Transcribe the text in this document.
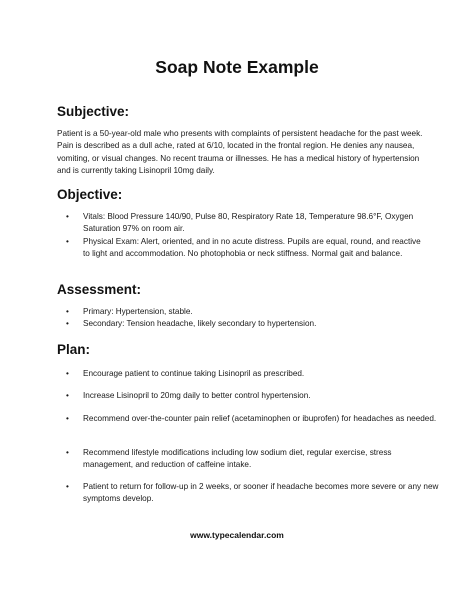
Soap Note Example
Subjective:
Patient is a 50-year-old male who presents with complaints of persistent headache for the past week. Pain is described as a dull ache, rated at 6/10, located in the frontal region. He denies any nausea, vomiting, or visual changes. No recent trauma or illnesses. He has a medical history of hypertension and is currently taking Lisinopril 10mg daily.
Objective:
• Vitals: Blood Pressure 140/90, Pulse 80, Respiratory Rate 18, Temperature 98.6°F, Oxygen Saturation 97% on room air.
• Physical Exam: Alert, oriented, and in no acute distress. Pupils are equal, round, and reactive to light and accommodation. No photophobia or neck stiffness. Normal gait and balance.
Assessment:
• Primary: Hypertension, stable.
• Secondary: Tension headache, likely secondary to hypertension.
Plan:
• Encourage patient to continue taking Lisinopril as prescribed.
• Increase Lisinopril to 20mg daily to better control hypertension.
• Recommend over-the-counter pain relief (acetaminophen or ibuprofen) for headaches as needed.
• Recommend lifestyle modifications including low sodium diet, regular exercise, stress management, and reduction of caffeine intake.
• Patient to return for follow-up in 2 weeks, or sooner if headache becomes more severe or any new symptoms develop.
www.typecalendar.com
